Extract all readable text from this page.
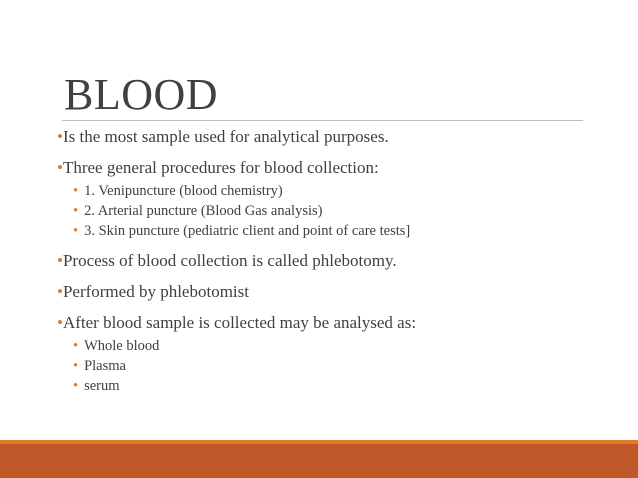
BLOOD

•Is the most sample used for analytical purposes.

•Three general procedures for blood collection:

• 1. Venipuncture (blood chemistry)

• 2. Arterial puncture (Blood Gas analysis)

• 3. Skin puncture (pediatric client and point of care tests]

•Process of blood collection is called phlebotomy.

•Performed by phlebotomist

•After blood sample is collected may be analysed as:

• Whole blood

• Plasma

• serum
